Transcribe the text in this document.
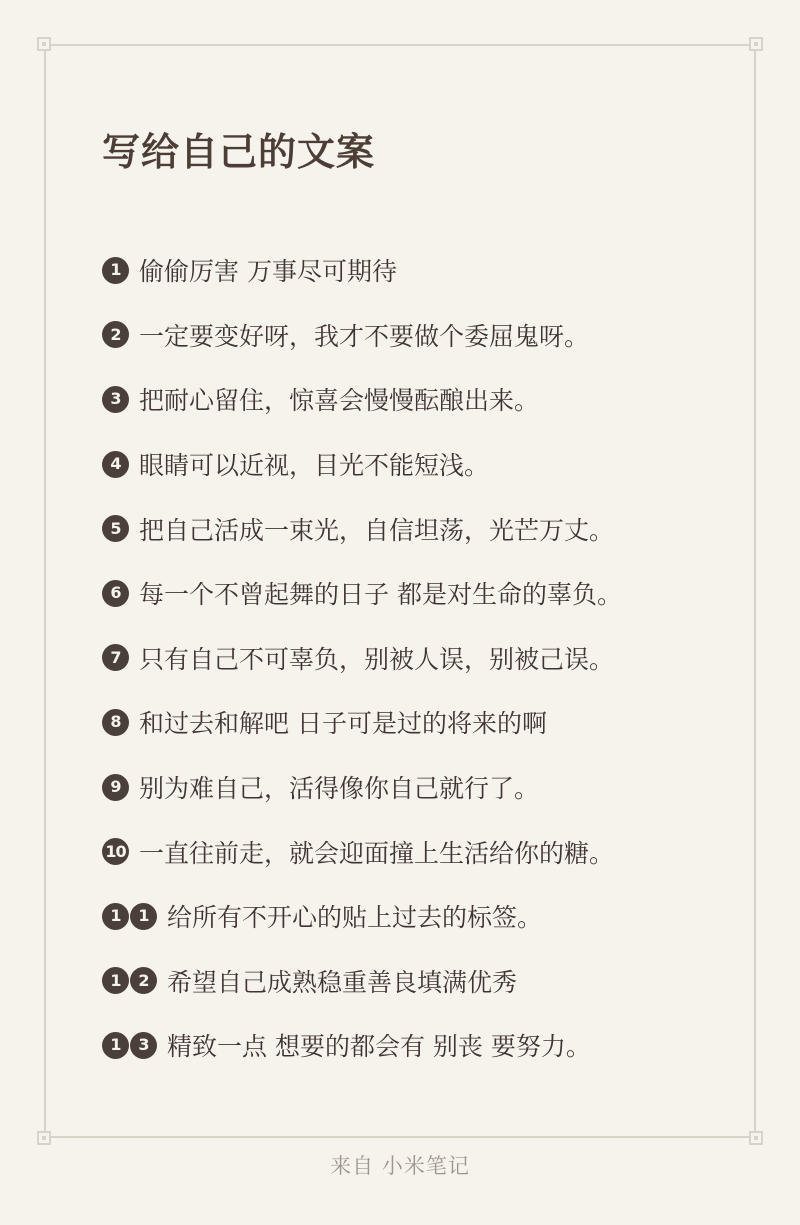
写给自己的文案
1 偷偷厉害 万事尽可期待
2 一定要变好呀，我才不要做个委屈鬼呀。
3 把耐心留住，惊喜会慢慢酝酿出来。
4 眼睛可以近视，目光不能短浅。
5 把自己活成一束光，自信坦荡，光芒万丈。
6 每一个不曾起舞的日子 都是对生命的辜负。
7 只有自己不可辜负，别被人误，别被己误。
8 和过去和解吧 日子可是过的将来的啊
9 别为难自己，活得像你自己就行了。
10 一直往前走，就会迎面撞上生活给你的糖。
1	1 给所有不开心的贴上过去的标签。
1	2 希望自己成熟稳重善良填满优秀
1	3 精致一点 想要的都会有 别丧 要努力。
来自 小米笔记
